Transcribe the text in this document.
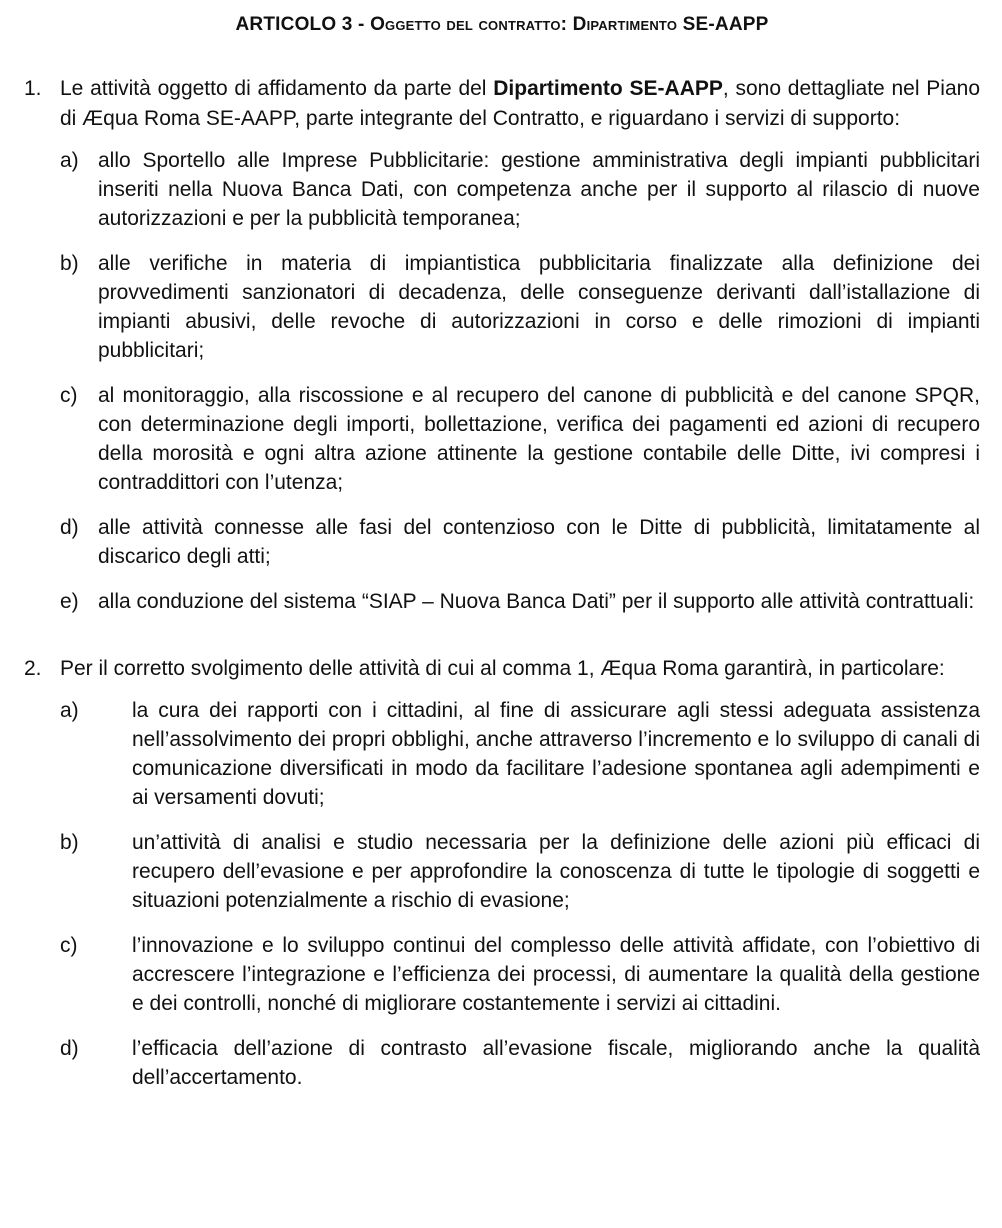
ARTICOLO 3 - Oggetto del contratto: Dipartimento SE-AAPP
1. Le attività oggetto di affidamento da parte del Dipartimento SE-AAPP, sono dettagliate nel Piano di Æqua Roma SE-AAPP, parte integrante del Contratto, e riguardano i servizi di supporto:
a) allo Sportello alle Imprese Pubblicitarie: gestione amministrativa degli impianti pubblicitari inseriti nella Nuova Banca Dati, con competenza anche per il supporto al rilascio di nuove autorizzazioni e per la pubblicità temporanea;
b) alle verifiche in materia di impiantistica pubblicitaria finalizzate alla definizione dei provvedimenti sanzionatori di decadenza, delle conseguenze derivanti dall’istallazione di impianti abusivi, delle revoche di autorizzazioni in corso e delle rimozioni di impianti pubblicitari;
c) al monitoraggio, alla riscossione e al recupero del canone di pubblicità e del canone SPQR, con determinazione degli importi, bollettazione, verifica dei pagamenti ed azioni di recupero della morosità e ogni altra azione attinente la gestione contabile delle Ditte, ivi compresi i contraddittori con l’utenza;
d) alle attività connesse alle fasi del contenzioso con le Ditte di pubblicità, limitatamente al discarico degli atti;
e) alla conduzione del sistema “SIAP – Nuova Banca Dati” per il supporto alle attività contrattuali:
2. Per il corretto svolgimento delle attività di cui al comma 1, Æqua Roma garantirà, in particolare:
a)	la cura dei rapporti con i cittadini, al fine di assicurare agli stessi adeguata assistenza nell’assolvimento dei propri obblighi, anche attraverso l’incremento e lo sviluppo di canali di comunicazione diversificati in modo da facilitare l’adesione spontanea agli adempimenti e ai versamenti dovuti;
b)	un’attività di analisi e studio necessaria per la definizione delle azioni più efficaci di recupero dell’evasione e per approfondire la conoscenza di tutte le tipologie di soggetti e situazioni potenzialmente a rischio di evasione;
c)	l’innovazione e lo sviluppo continui del complesso delle attività affidate, con l’obiettivo di accrescere l’integrazione e l’efficienza dei processi, di aumentare la qualità della gestione e dei controlli, nonché di migliorare costantemente i servizi ai cittadini.
d)	l’efficacia dell’azione di contrasto all’evasione fiscale, migliorando anche la qualità dell’accertamento.
